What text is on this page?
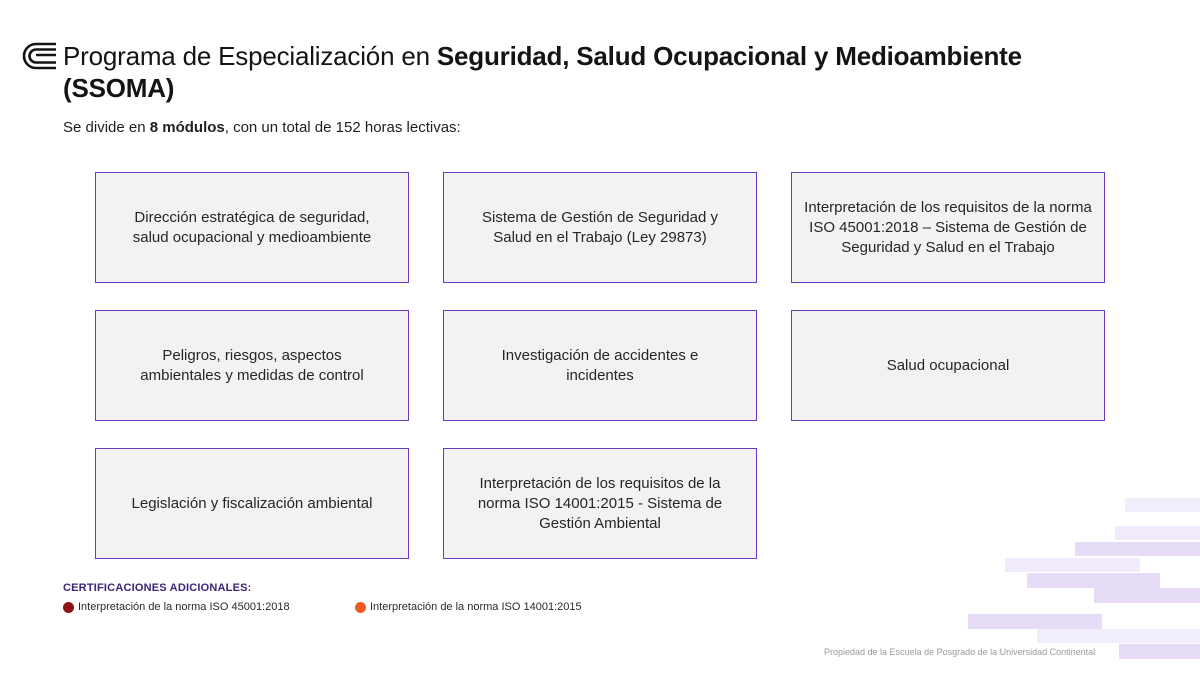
Programa de Especialización en Seguridad, Salud Ocupacional y Medioambiente (SSOMA)
Se divide en 8 módulos, con un total de 152 horas lectivas:
Dirección estratégica de seguridad, salud ocupacional y medioambiente
Sistema de Gestión de Seguridad y Salud en el Trabajo (Ley 29873)
Interpretación de los requisitos de la norma ISO 45001:2018 – Sistema de Gestión de Seguridad y Salud en el Trabajo
Peligros, riesgos, aspectos ambientales y medidas de control
Investigación de accidentes e incidentes
Salud ocupacional
Legislación y fiscalización ambiental
Interpretación de los requisitos de la norma ISO 14001:2015 - Sistema de Gestión Ambiental
CERTIFICACIONES ADICIONALES:
Interpretación de la norma ISO 45001:2018	Interpretación de la norma ISO 14001:2015
Propiedad de la Escuela de Posgrado de la Universidad Continental
